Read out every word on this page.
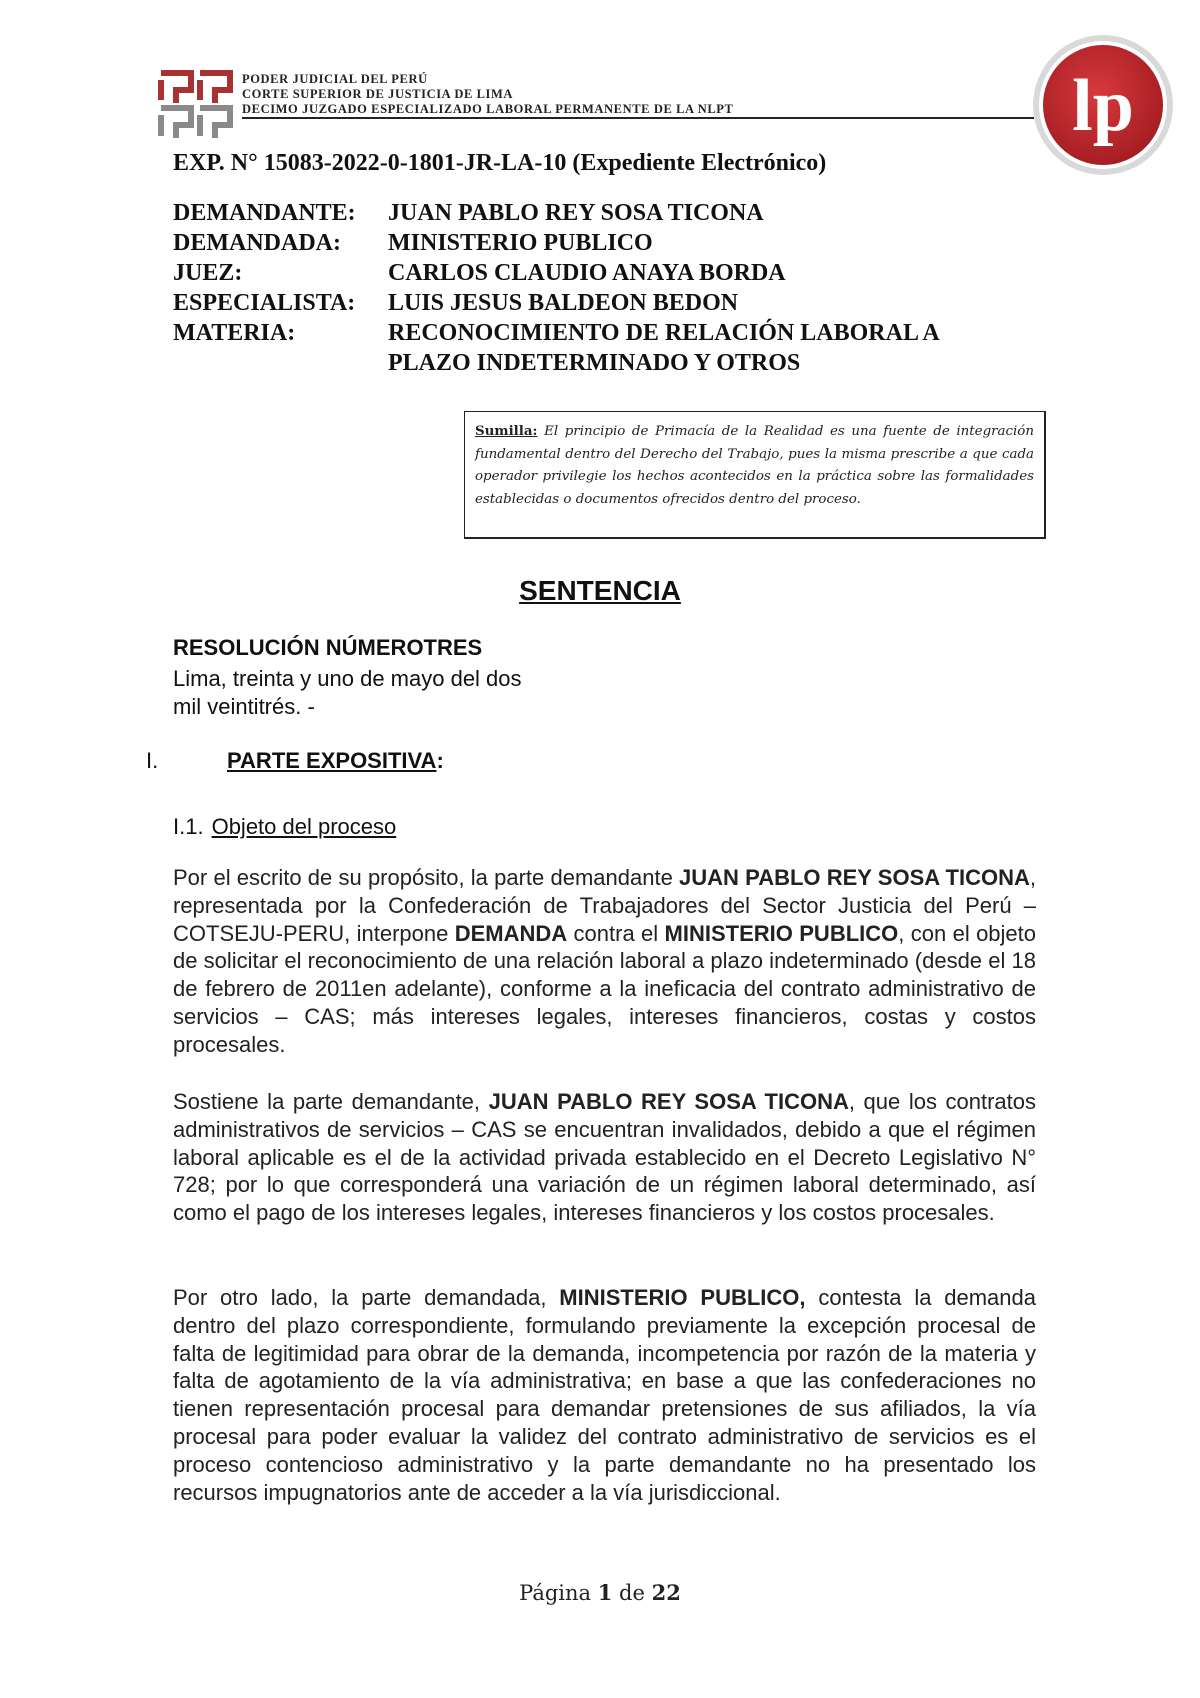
PODER JUDICIAL DEL PERÚ
CORTE SUPERIOR DE JUSTICIA DE LIMA
DECIMO JUZGADO ESPECIALIZADO LABORAL PERMANENTE DE LA NLPT	lp
EXP. N° 15083-2022-0-1801-JR-LA-10 (Expediente Electrónico)
DEMANDANTE: JUAN PABLO REY SOSA TICONA
DEMANDADA: MINISTERIO PUBLICO
JUEZ:	CARLOS CLAUDIO ANAYA BORDA
ESPECIALISTA: LUIS JESUS BALDEON BEDON
MATERIA:	RECONOCIMIENTO DE RELACIÓN LABORAL A
PLAZO INDETERMINADO Y OTROS
Sumilla: El principio de Primacía de la Realidad es una fuente de integración fundamental dentro del Derecho del Trabajo, pues la misma prescribe a que cada operador privilegie los hechos acontecidos en la práctica sobre las formalidades establecidas o documentos ofrecidos dentro del proceso.
SENTENCIA
RESOLUCIÓN NÚMEROTRES
Lima, treinta y uno de mayo del dos mil veintitrés. -
I.	PARTE EXPOSITIVA:
I.1. Objeto del proceso

Por el escrito de su propósito, la parte demandante JUAN PABLO REY SOSA TICONA, representada por la Confederación de Trabajadores del Sector Justicia del Perú – COTSEJU-PERU, interpone DEMANDA contra el MINISTERIO PUBLICO, con el objeto de solicitar el reconocimiento de una relación laboral a plazo indeterminado (desde el 18 de febrero de 2011en adelante), conforme a la ineficacia del contrato administrativo de servicios – CAS; más intereses legales, intereses financieros, costas y costos procesales.

Sostiene la parte demandante, JUAN PABLO REY SOSA TICONA, que los contratos administrativos de servicios – CAS se encuentran invalidados, debido a que el régimen laboral aplicable es el de la actividad privada establecido en el Decreto Legislativo N° 728; por lo que corresponderá una variación de un régimen laboral determinado, así como el pago de los intereses legales, intereses financieros y los costos procesales.

Por otro lado, la parte demandada, MINISTERIO PUBLICO, contesta la demanda dentro del plazo correspondiente, formulando previamente la excepción procesal de falta de legitimidad para obrar de la demanda, incompetencia por razón de la materia y falta de agotamiento de la vía administrativa; en base a que las confederaciones no tienen representación procesal para demandar pretensiones de sus afiliados, la vía procesal para poder evaluar la validez del contrato administrativo de servicios es el proceso contencioso administrativo y la parte demandante no ha presentado los recursos impugnatorios ante de acceder a la vía jurisdiccional.

Página 1 de 22
